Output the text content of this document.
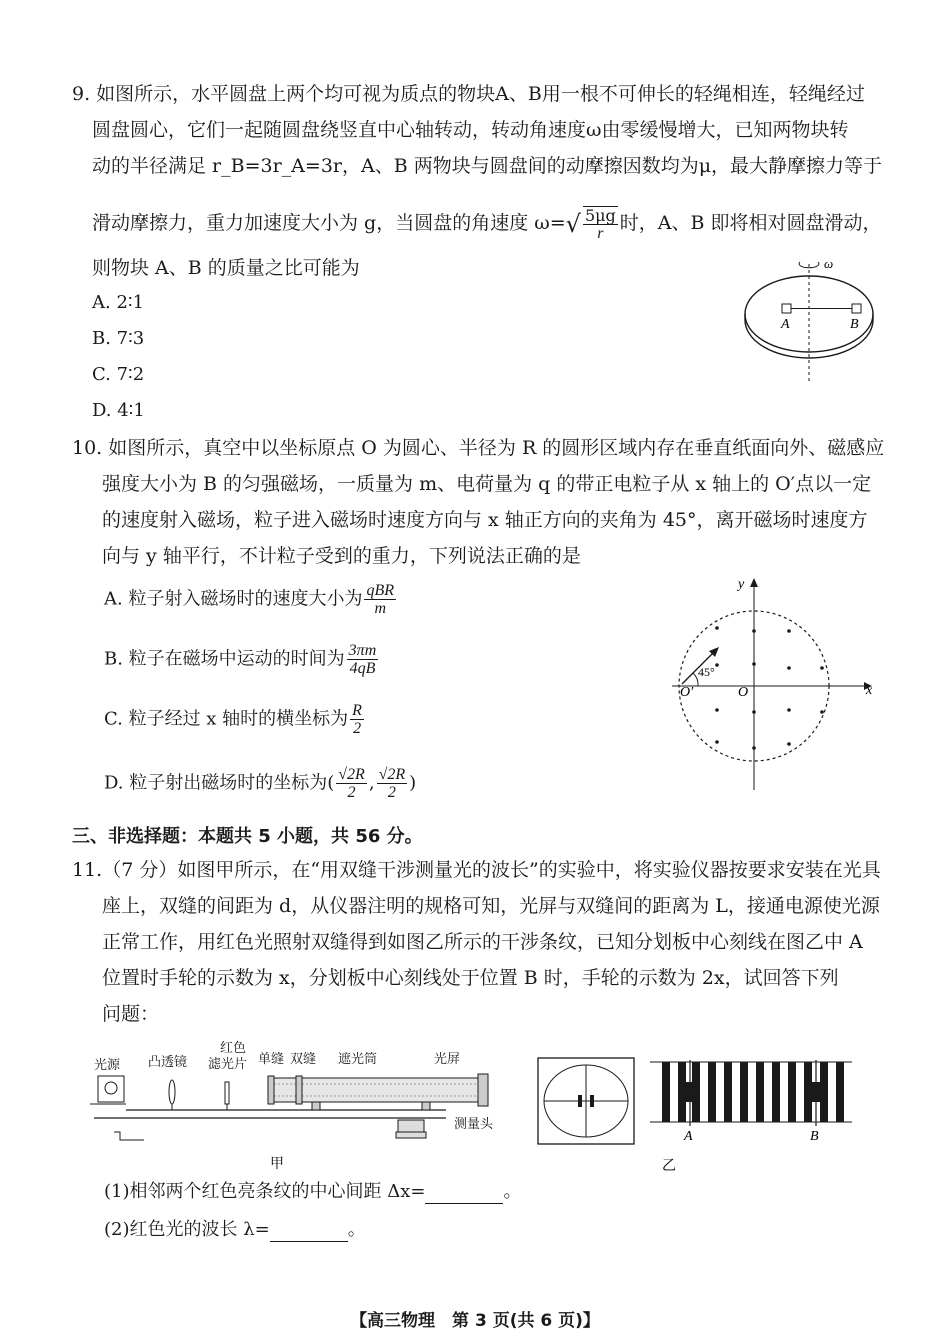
9. 如图所示，水平圆盘上两个均可视为质点的物块A、B用一根不可伸长的轻绳相连，轻绳经过
圆盘圆心，它们一起随圆盘绕竖直中心轴转动，转动角速度ω由零缓慢增大，已知两物块转
动的半径满足 r_B=3r_A=3r，A、B 两物块与圆盘间的动摩擦因数均为μ，最大静摩擦力等于
滑动摩擦力，重力加速度大小为 g，当圆盘的角速度 $\omega=√ \frac{5\mu g}{r}$ 时，A、B 即将相对圆盘滑动，
则物块 A、B 的质量之比可能为
A. 2∶1
B. 7∶3
C. 7∶2
D. 4∶1
ω
A	B
10. 如图所示，真空中以坐标原点 O 为圆心、半径为 R 的圆形区域内存在垂直纸面向外、磁感应
强度大小为 B 的匀强磁场，一质量为 m、电荷量为 q 的带正电粒子从 x 轴上的 O′点以一定
的速度射入磁场，粒子进入磁场时速度方向与 x 轴正方向的夹角为 45°，离开磁场时速度方
向与 y 轴平行，不计粒子受到的重力，下列说法正确的是
A. 粒子射入磁场时的速度大小为 $\frac{\text{qBR}}{m}$
B. 粒子在磁场中运动的时间为 $\frac{3\pi m}{4qB}$
C. 粒子经过 x 轴时的横坐标为 $\frac{R}{2}$
D. 粒子射出磁场时的坐标为( $\frac{√2R}{2}$ , $\frac{√2R}{2}$ )
y
x
O
O′
45°
三、非选择题：本题共 5 小题，共 56 分。
11.（7 分）如图甲所示，在“用双缝干涉测量光的波长”的实验中，将实验仪器按要求安装在光具
座上，双缝的间距为 d，从仪器注明的规格可知，光屏与双缝间的距离为 L，接通电源使光源
正常工作，用红色光照射双缝得到如图乙所示的干涉条纹，已知分划板中心刻线在图乙中 A
位置时手轮的示数为 x，分划板中心刻线处于位置 B 时，手轮的示数为 2x，试回答下列
问题：
光源 凸透镜
红色
滤光片 单缝 双缝 遮光筒	光屏
测量头
甲
A	B
乙
(1)相邻两个红色亮条纹的中心间距 Δx=	。
(2)红色光的波长 λ=	。
【高三物理　第 3 页(共 6 页)】
